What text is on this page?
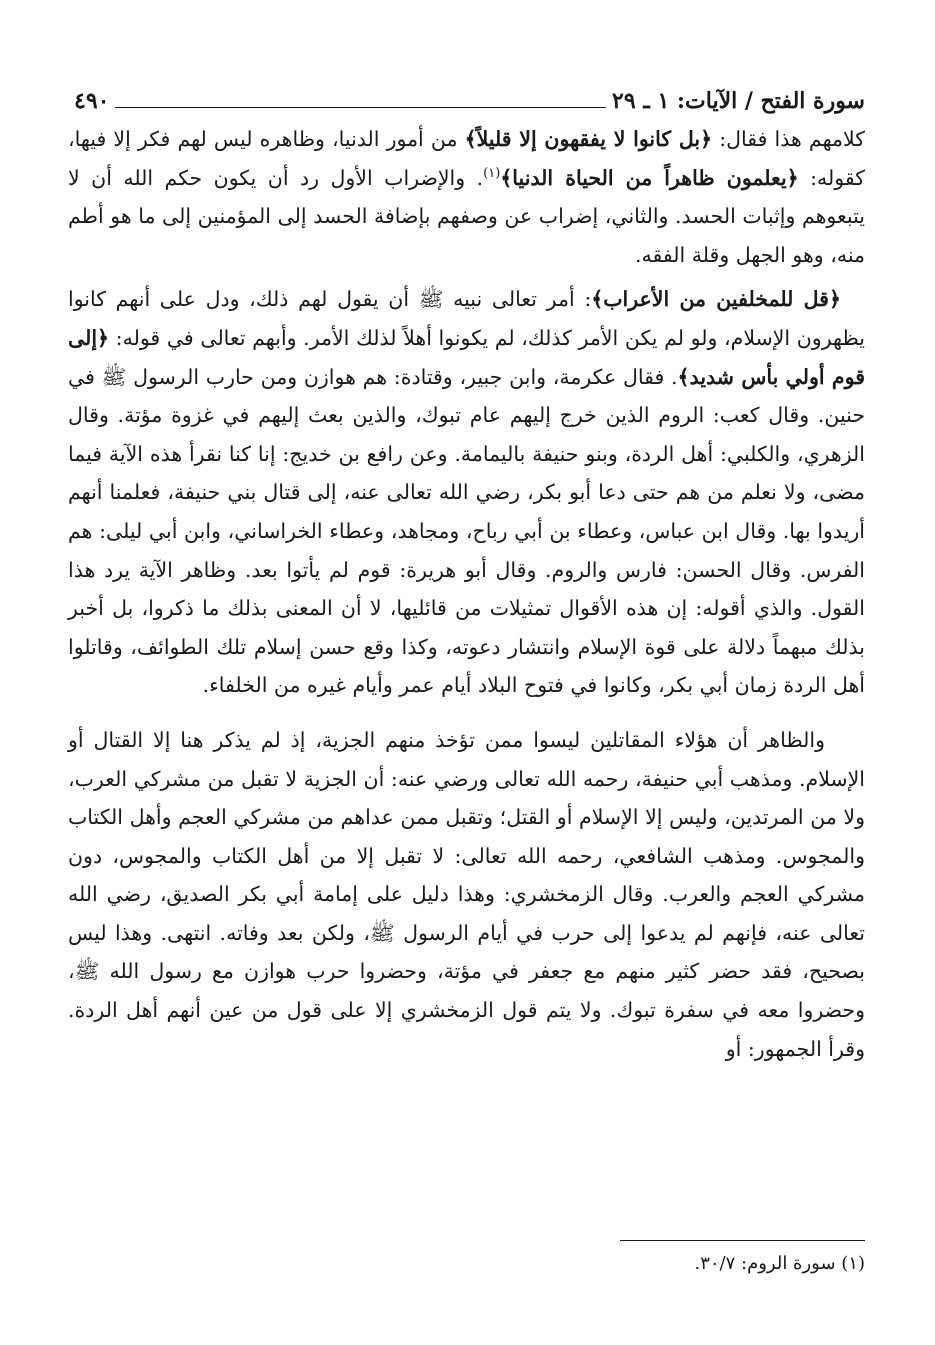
٤٩٠	سورة الفتح / الآيات: ١ ـ ٢٩

كلامهم هذا فقال: ﴿بل كانوا لا يفقهون إلا قليلاً﴾ من أمور الدنيا، وظاهره ليس لهم فكر إلا فيها، كقوله: ﴿يعلمون ظاهراً من الحياة الدنيا﴾$^{(١)}$. والإضراب الأول رد أن يكون حكم الله أن لا يتبعوهم وإثبات الحسد. والثاني، إضراب عن وصفهم بإضافة الحسد إلى المؤمنين إلى ما هو أطم منه، وهو الجهل وقلة الفقه.

﴿قل للمخلفين من الأعراب﴾: أمر تعالى نبيه ﷺ أن يقول لهم ذلك، ودل على أنهم كانوا يظهرون الإسلام، ولو لم يكن الأمر كذلك، لم يكونوا أهلاً لذلك الأمر. وأبهم تعالى في قوله: ﴿إلى قوم أولي بأس شديد﴾. فقال عكرمة، وابن جبير، وقتادة: هم هوازن ومن حارب الرسول ﷺ في حنين. وقال كعب: الروم الذين خرج إليهم عام تبوك، والذين بعث إليهم في غزوة مؤتة. وقال الزهري، والكلبي: أهل الردة، وبنو حنيفة باليمامة. وعن رافع بن خديج: إنا كنا نقرأ هذه الآية فيما مضى، ولا نعلم من هم حتى دعا أبو بكر، رضي الله تعالى عنه، إلى قتال بني حنيفة، فعلمنا أنهم أريدوا بها. وقال ابن عباس، وعطاء بن أبي رباح، ومجاهد، وعطاء الخراساني، وابن أبي ليلى: هم الفرس. وقال الحسن: فارس والروم. وقال أبو هريرة: قوم لم يأتوا بعد. وظاهر الآية يرد هذا القول. والذي أقوله: إن هذه الأقوال تمثيلات من قائليها، لا أن المعنى بذلك ما ذكروا، بل أخبر بذلك مبهماً دلالة على قوة الإسلام وانتشار دعوته، وكذا وقع حسن إسلام تلك الطوائف، وقاتلوا أهل الردة زمان أبي بكر، وكانوا في فتوح البلاد أيام عمر وأيام غيره من الخلفاء.

والظاهر أن هؤلاء المقاتلين ليسوا ممن تؤخذ منهم الجزية، إذ لم يذكر هنا إلا القتال أو الإسلام. ومذهب أبي حنيفة، رحمه الله تعالى ورضي عنه: أن الجزية لا تقبل من مشركي العرب، ولا من المرتدين، وليس إلا الإسلام أو القتل؛ وتقبل ممن عداهم من مشركي العجم وأهل الكتاب والمجوس. ومذهب الشافعي، رحمه الله تعالى: لا تقبل إلا من أهل الكتاب والمجوس، دون مشركي العجم والعرب. وقال الزمخشري: وهذا دليل على إمامة أبي بكر الصديق، رضي الله تعالى عنه، فإنهم لم يدعوا إلى حرب في أيام الرسول ﷺ، ولكن بعد وفاته. انتهى. وهذا ليس بصحيح، فقد حضر كثير منهم مع جعفر في مؤتة، وحضروا حرب هوازن مع رسول الله ﷺ، وحضروا معه في سفرة تبوك. ولا يتم قول الزمخشري إلا على قول من عين أنهم أهل الردة. وقرأ الجمهور: أو

(١) سورة الروم: ٣٠/٧.
